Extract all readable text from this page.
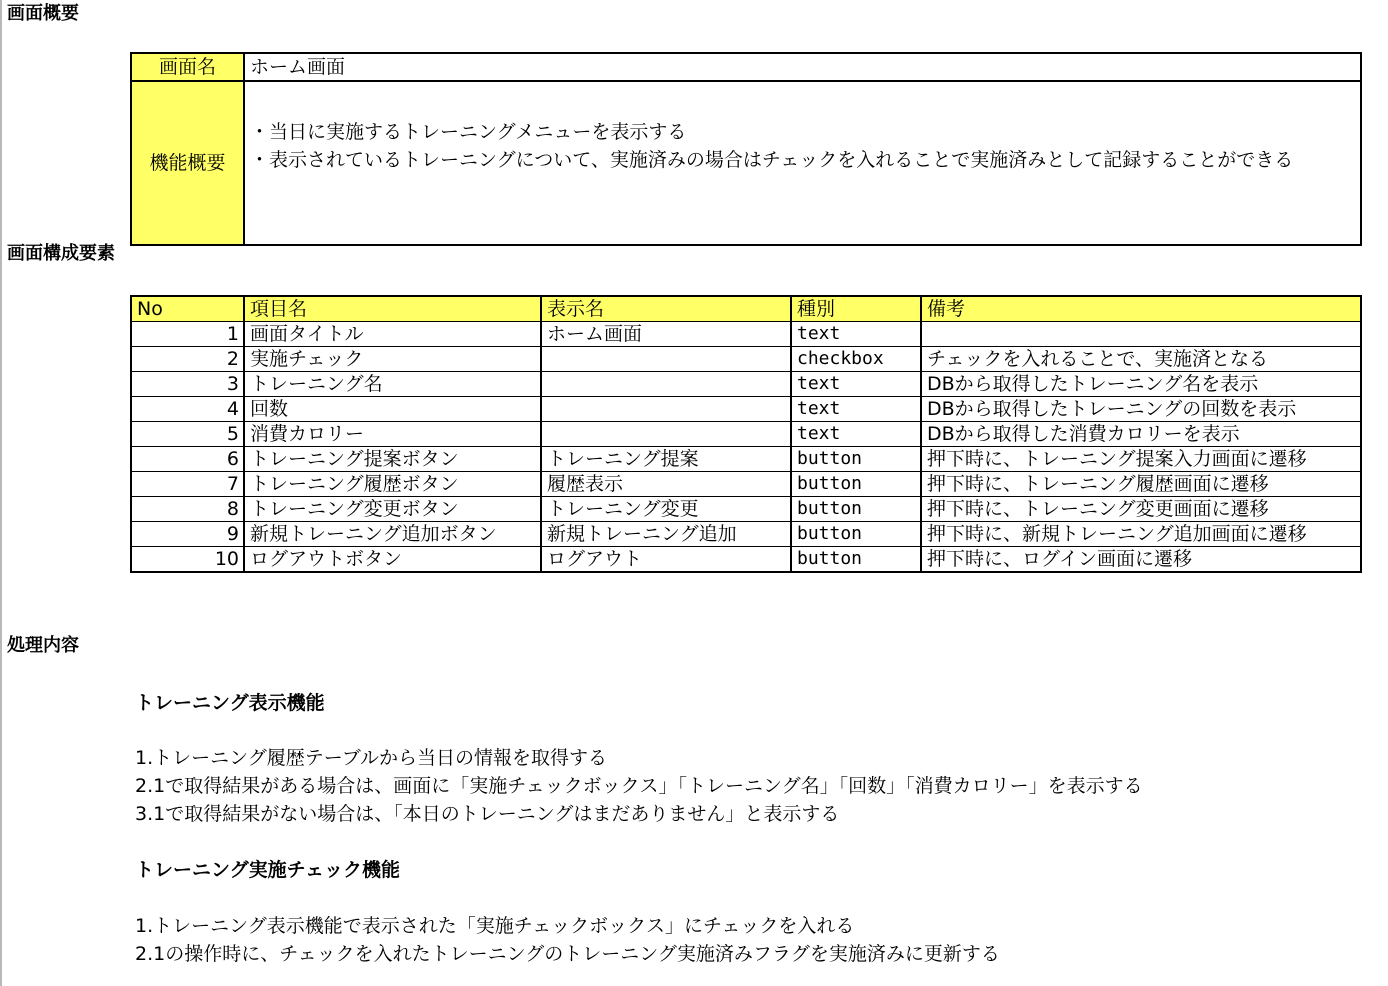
画面概要
画面名	ホーム画面
機能概要	・当日に実施するトレーニングメニューを表示する
・表示されているトレーニングについて、実施済みの場合はチェックを入れることで実施済みとして記録することができる
画面構成要素
No	項目名	表示名	種別	備考
1	画面タイトル	ホーム画面	text	
2	実施チェック		checkbox	チェックを入れることで、実施済となる
3	トレーニング名		text	DBから取得したトレーニング名を表示
4	回数		text	DBから取得したトレーニングの回数を表示
5	消費カロリー		text	DBから取得した消費カロリーを表示
6	トレーニング提案ボタン	トレーニング提案	button	押下時に、トレーニング提案入力画面に遷移
7	トレーニング履歴ボタン	履歴表示	button	押下時に、トレーニング履歴画面に遷移
8	トレーニング変更ボタン	トレーニング変更	button	押下時に、トレーニング変更画面に遷移
9	新規トレーニング追加ボタン	新規トレーニング追加	button	押下時に、新規トレーニング追加画面に遷移
10	ログアウトボタン	ログアウト	button	押下時に、ログイン画面に遷移
処理内容
トレーニング表示機能

1.トレーニング履歴テーブルから当日の情報を取得する

2.1で取得結果がある場合は、画面に「実施チェックボックス」「トレーニング名」「回数」「消費カロリー」を表示する

3.1で取得結果がない場合は、「本日のトレーニングはまだありません」と表示する

トレーニング実施チェック機能

1.トレーニング表示機能で表示された「実施チェックボックス」にチェックを入れる

2.1の操作時に、チェックを入れたトレーニングのトレーニング実施済みフラグを実施済みに更新する
